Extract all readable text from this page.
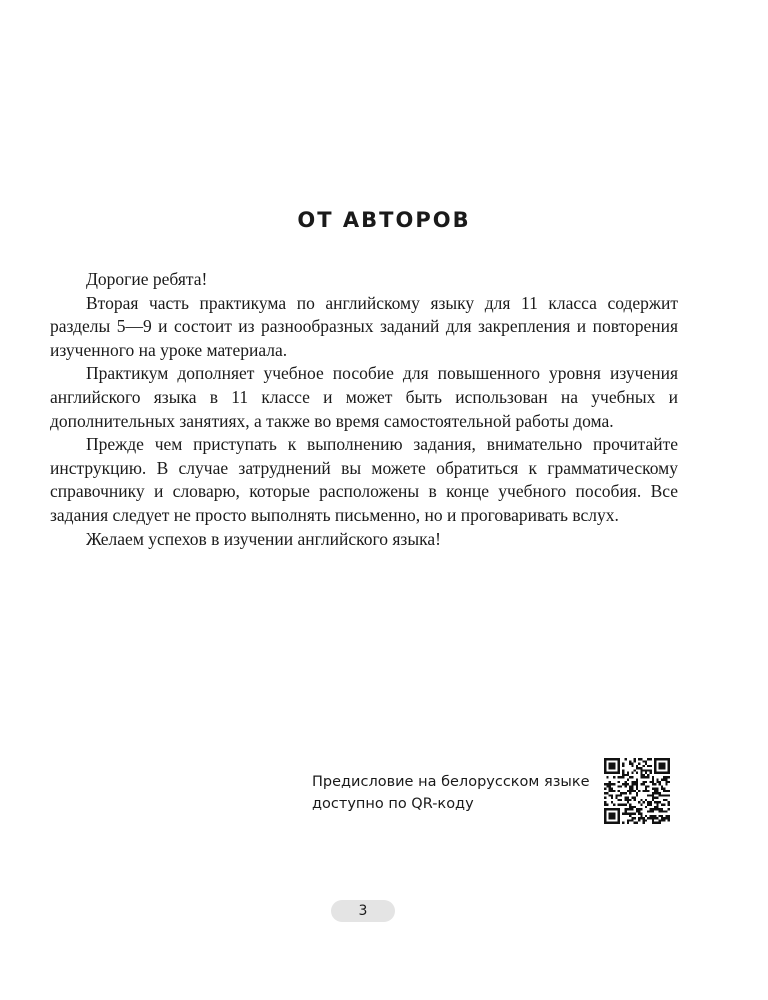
ОТ АВТОРОВ

Дорогие ребята!

Вторая часть практикума по английскому языку для 11 класса содержит разделы 5—9 и состоит из разнообразных заданий для закрепления и повторения изученного на уроке материала.

Практикум дополняет учебное пособие для повышенного уровня изучения английского языка в 11 классе и может быть использован на учебных и дополнительных занятиях, а также во время самостоятельной работы дома.

Прежде чем приступать к выполнению задания, внимательно прочитайте инструкцию. В случае затруднений вы можете обратиться к грамматическому справочнику и словарю, которые расположены в конце учебного пособия. Все задания следует не просто выполнять письменно, но и проговаривать вслух.

Желаем успехов в изучении английского языка!

Предисловие на белорусском языке
доступно по QR-коду
3
